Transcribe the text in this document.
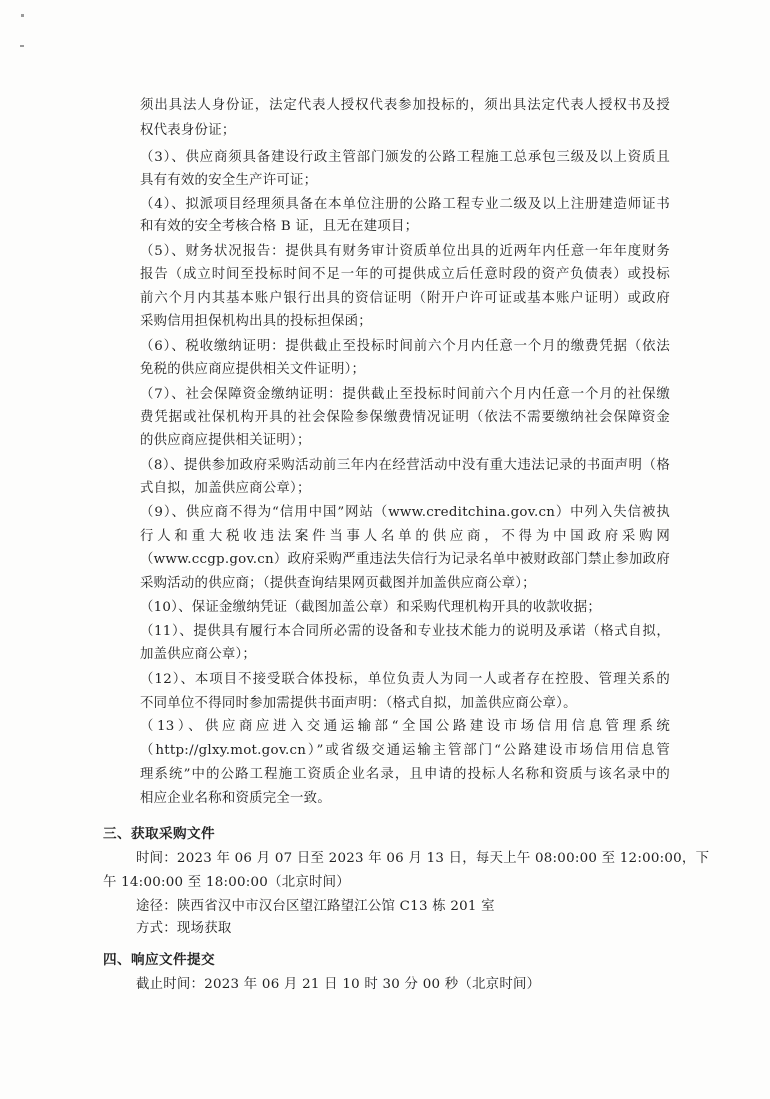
须出具法人身份证，法定代表人授权代表参加投标的，须出具法定代表人授权书及授
权代表身份证；
（3）、供应商须具备建设行政主管部门颁发的公路工程施工总承包三级及以上资质且
具有有效的安全生产许可证；
（4）、拟派项目经理须具备在本单位注册的公路工程专业二级及以上注册建造师证书
和有效的安全考核合格 B 证，且无在建项目；
（5）、财务状况报告：提供具有财务审计资质单位出具的近两年内任意一年年度财务
报告（成立时间至投标时间不足一年的可提供成立后任意时段的资产负债表）或投标
前六个月内其基本账户银行出具的资信证明（附开户许可证或基本账户证明）或政府
采购信用担保机构出具的投标担保函；
（6）、税收缴纳证明：提供截止至投标时间前六个月内任意一个月的缴费凭据（依法
免税的供应商应提供相关文件证明）；
（7）、社会保障资金缴纳证明：提供截止至投标时间前六个月内任意一个月的社保缴
费凭据或社保机构开具的社会保险参保缴费情况证明（依法不需要缴纳社会保障资金
的供应商应提供相关证明）；
（8）、提供参加政府采购活动前三年内在经营活动中没有重大违法记录的书面声明（格
式自拟，加盖供应商公章）；
（9）、供应商不得为“信用中国”网站（www.creditchina.gov.cn）中列入失信被执
行人和重大税收违法案件当事人名单的供应商，不得为中国政府采购网
（www.ccgp.gov.cn）政府采购严重违法失信行为记录名单中被财政部门禁止参加政府
采购活动的供应商；（提供查询结果网页截图并加盖供应商公章）；
（10）、保证金缴纳凭证（截图加盖公章）和采购代理机构开具的收款收据；
（11）、提供具有履行本合同所必需的设备和专业技术能力的说明及承诺（格式自拟，
加盖供应商公章）；
（12）、本项目不接受联合体投标，单位负责人为同一人或者存在控股、管理关系的
不同单位不得同时参加需提供书面声明：（格式自拟，加盖供应商公章）。
（13）、供应商应进入交通运输部“全国公路建设市场信用信息管理系统
（http://glxy.mot.gov.cn）”或省级交通运输主管部门“公路建设市场信用信息管
理系统”中的公路工程施工资质企业名录，且申请的投标人名称和资质与该名录中的
相应企业名称和资质完全一致。
三、获取采购文件
时间：2023 年 06 月 07 日至 2023 年 06 月 13 日，每天上午 08:00:00 至 12:00:00，下
午 14:00:00 至 18:00:00（北京时间）
途径：陕西省汉中市汉台区望江路望江公馆 C13 栋 201 室
方式：现场获取
四、响应文件提交
截止时间：2023 年 06 月 21 日 10 时 30 分 00 秒（北京时间）
